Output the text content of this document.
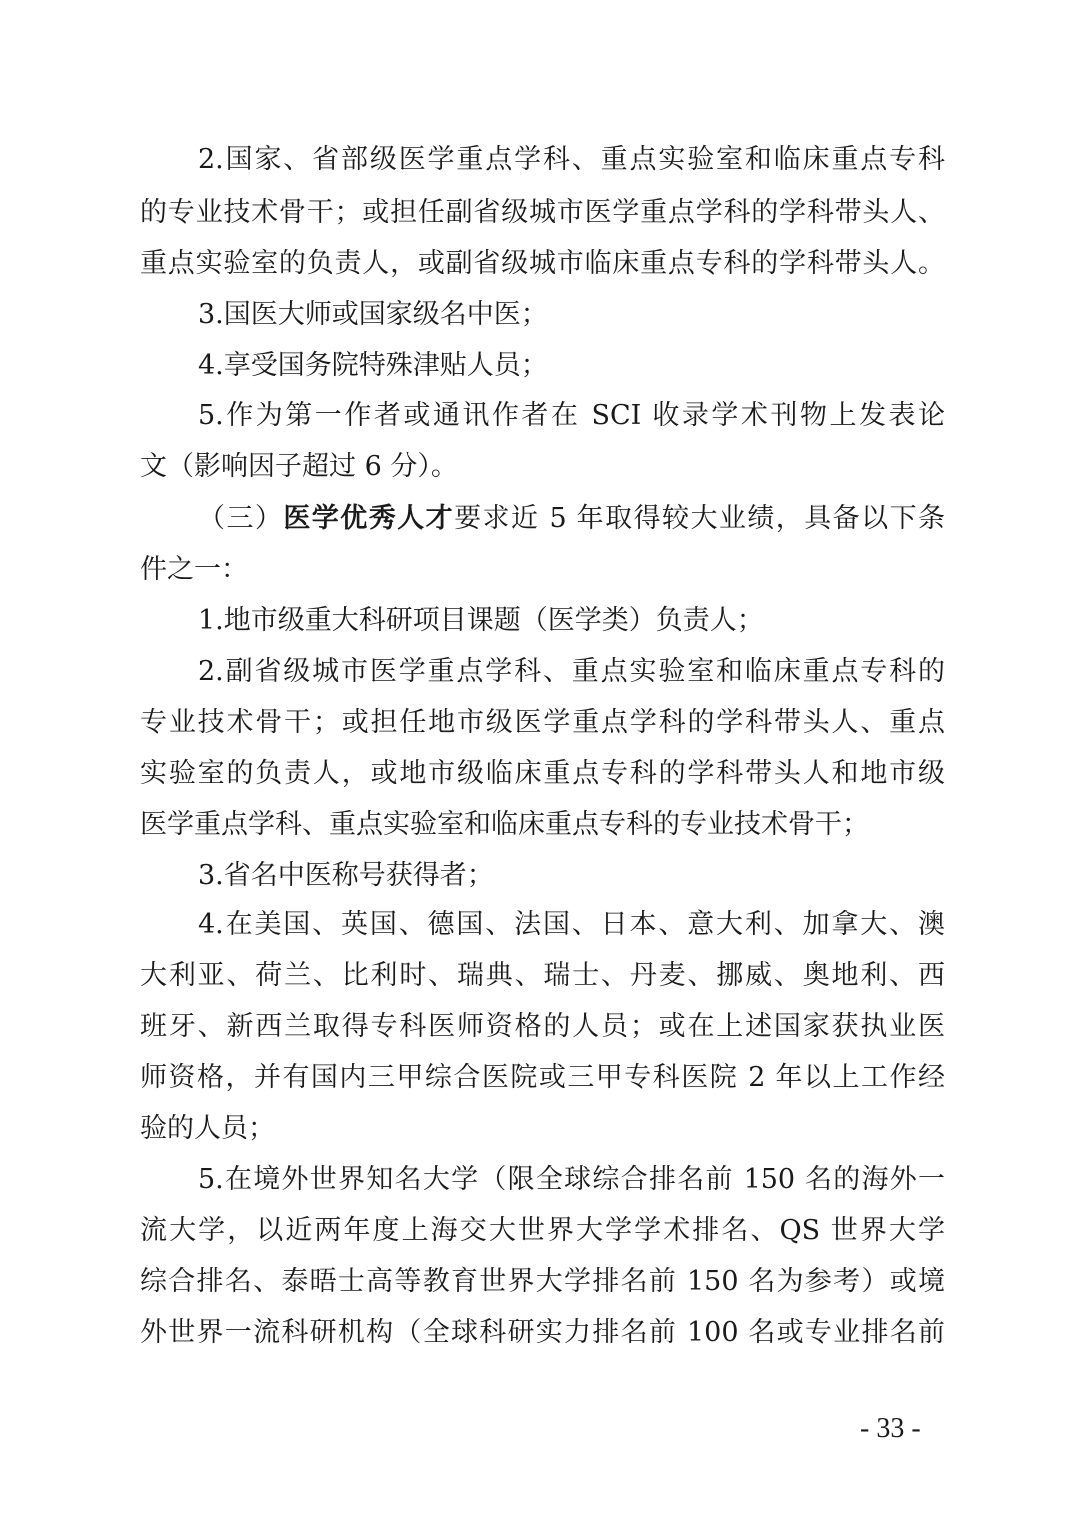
2.国家、省部级医学重点学科、重点实验室和临床重点专科
的专业技术骨干；或担任副省级城市医学重点学科的学科带头人、
重点实验室的负责人，或副省级城市临床重点专科的学科带头人。
3.国医大师或国家级名中医；
4.享受国务院特殊津贴人员；
5.作为第一作者或通讯作者在 SCI 收录学术刊物上发表论
文（影响因子超过 6 分）。
（三）医学优秀人才要求近 5 年取得较大业绩，具备以下条
件之一：
1.地市级重大科研项目课题（医学类）负责人；
2.副省级城市医学重点学科、重点实验室和临床重点专科的
专业技术骨干；或担任地市级医学重点学科的学科带头人、重点
实验室的负责人，或地市级临床重点专科的学科带头人和地市级
医学重点学科、重点实验室和临床重点专科的专业技术骨干；
3.省名中医称号获得者；
4.在美国、英国、德国、法国、日本、意大利、加拿大、澳
大利亚、荷兰、比利时、瑞典、瑞士、丹麦、挪威、奥地利、西
班牙、新西兰取得专科医师资格的人员；或在上述国家获执业医
师资格，并有国内三甲综合医院或三甲专科医院 2 年以上工作经
验的人员；
5.在境外世界知名大学（限全球综合排名前 150 名的海外一
流大学，以近两年度上海交大世界大学学术排名、QS 世界大学
综合排名、泰晤士高等教育世界大学排名前 150 名为参考）或境
外世界一流科研机构（全球科研实力排名前 100 名或专业排名前
- 33 -
